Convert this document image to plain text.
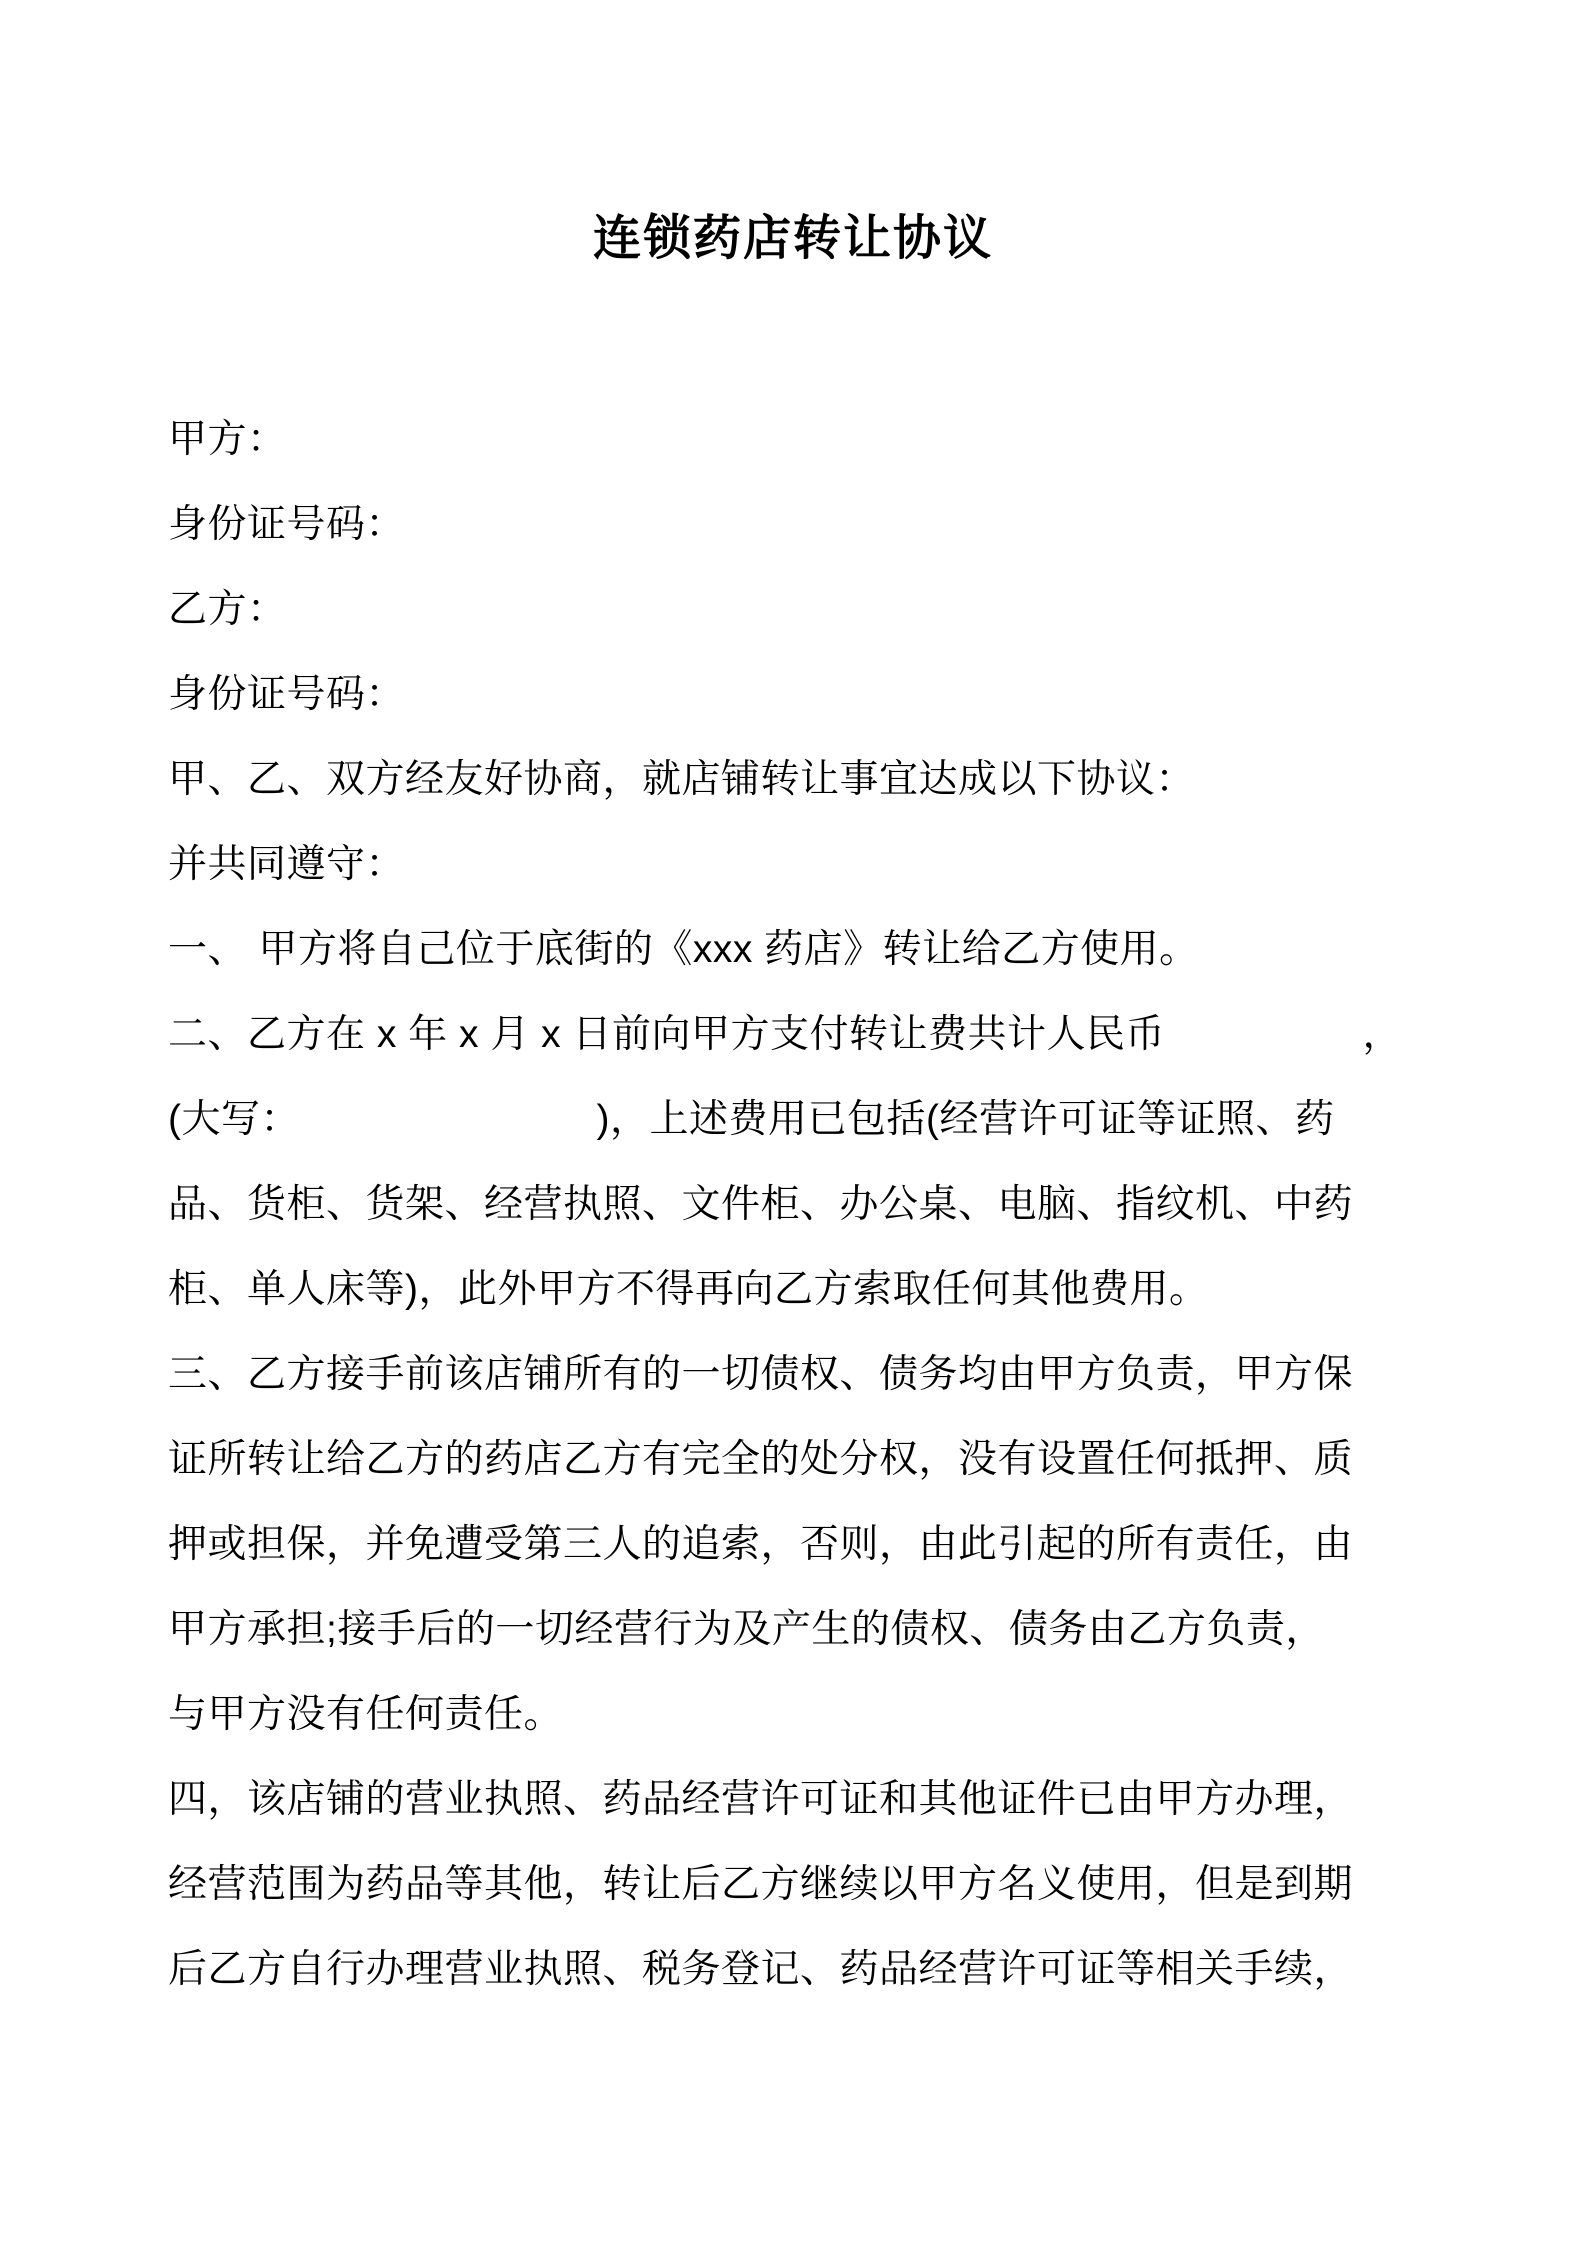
连锁药店转让协议
甲方：
身份证号码：
乙方：
身份证号码：
甲、乙、双方经友好协商，就店铺转让事宜达成以下协议：
并共同遵守：
一、 甲方将自己位于底街的《xxx 药店》转让给乙方使用。
二、乙方在 x 年 x 月 x 日前向甲方支付转让费共计人民币　　　　　，
(大写：　　　　　　　　)，上述费用已包括(经营许可证等证照、药
品、货柜、货架、经营执照、文件柜、办公桌、电脑、指纹机、中药
柜、单人床等)，此外甲方不得再向乙方索取任何其他费用。
三、乙方接手前该店铺所有的一切债权、债务均由甲方负责，甲方保
证所转让给乙方的药店乙方有完全的处分权，没有设置任何抵押、质
押或担保，并免遭受第三人的追索，否则，由此引起的所有责任，由
甲方承担;接手后的一切经营行为及产生的债权、债务由乙方负责，
与甲方没有任何责任。
四，该店铺的营业执照、药品经营许可证和其他证件已由甲方办理，
经营范围为药品等其他，转让后乙方继续以甲方名义使用，但是到期
后乙方自行办理营业执照、税务登记、药品经营许可证等相关手续，
